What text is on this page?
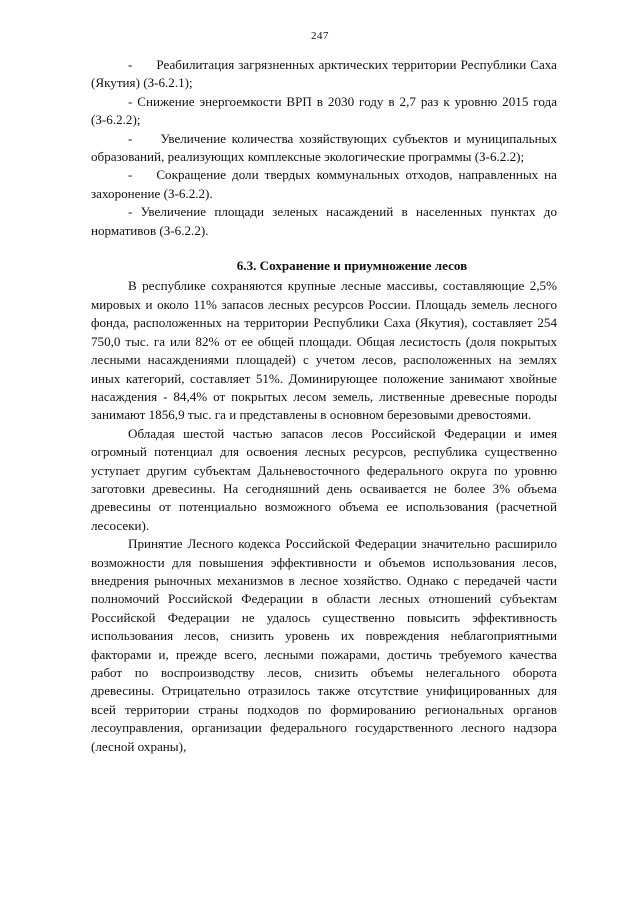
247

-      Реабилитация загрязненных арктических территории Республики Саха (Якутия) (З-6.2.1);

- Снижение энергоемкости ВРП в 2030 году в 2,7 раз к уровню 2015 года (З-6.2.2);

-     Увеличение количества хозяйствующих субъектов и муниципальных образований, реализующих комплексные экологические программы (З-6.2.2);

-    Сокращение доли твердых коммунальных отходов, направленных на захоронение (З-6.2.2).

- Увеличение площади зеленых насаждений в населенных пунктах до нормативов (З-6.2.2).

6.3. Сохранение и приумножение лесов

В республике сохраняются крупные лесные массивы, составляющие 2,5% мировых и около 11% запасов лесных ресурсов России. Площадь земель лесного фонда, расположенных на территории Республики Саха (Якутия), составляет 254 750,0 тыс. га или 82% от ее общей площади. Общая лесистость (доля покрытых лесными насаждениями площадей) с учетом лесов, расположенных на землях иных категорий, составляет 51%. Доминирующее положение занимают хвойные насаждения - 84,4% от покрытых лесом земель, лиственные древесные породы занимают 1856,9 тыс. га и представлены в основном березовыми древостоями.

Обладая шестой частью запасов лесов Российской Федерации и имея огромный потенциал для освоения лесных ресурсов, республика существенно уступает другим субъектам Дальневосточного федерального округа по уровню заготовки древесины. На сегодняшний день осваивается не более 3% объема древесины от потенциально возможного объема ее использования (расчетной лесосеки).

Принятие Лесного кодекса Российской Федерации значительно расширило возможности для повышения эффективности и объемов использования лесов, внедрения рыночных механизмов в лесное хозяйство. Однако с передачей части полномочий Российской Федерации в области лесных отношений субъектам Российской Федерации не удалось существенно повысить эффективность использования лесов, снизить уровень их повреждения неблагоприятными факторами и, прежде всего, лесными пожарами, достичь требуемого качества работ по воспроизводству лесов, снизить объемы нелегального оборота древесины. Отрицательно отразилось также отсутствие унифицированных для всей территории страны подходов по формированию региональных органов лесоуправления, организации федерального государственного лесного надзора (лесной охраны),
